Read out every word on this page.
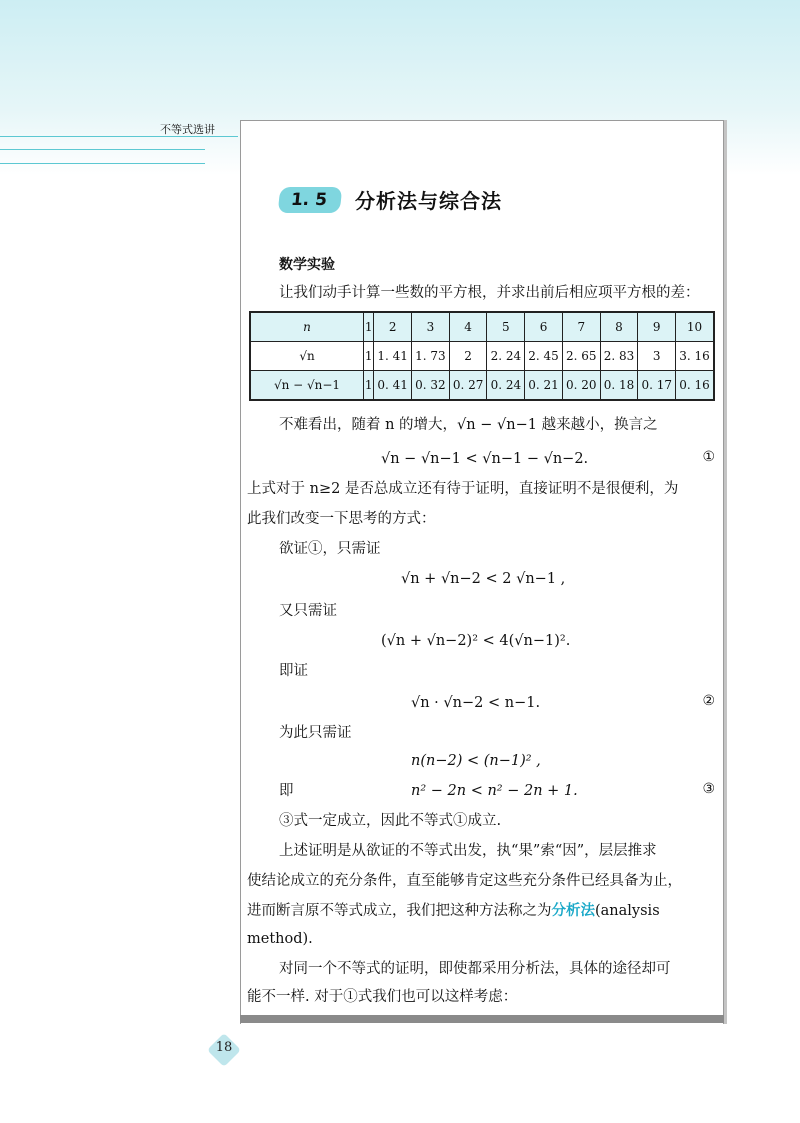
不等式选讲
1. 5	分析法与综合法
数学实验
让我们动手计算一些数的平方根，并求出前后相应项平方根的差：
n	1	2	3	4	5	6	7	8	9	10
√n	1	1. 41	1. 73	2	2. 24	2. 45	2. 65	2. 83	3	3. 16
√n − √n−1	1	0. 41	0. 32	0. 27	0. 24	0. 21	0. 20	0. 18	0. 17	0. 16
不难看出，随着 n 的增大，√n − √n−1 越来越小，换言之
√n − √n−1 < √n−1 − √n−2.	①
上式对于 n≥2 是否总成立还有待于证明，直接证明不是很便利，为
此我们改变一下思考的方式：
欲证①，只需证
√n + √n−2 < 2 √n−1 ,
又只需证
(√n + √n−2)² < 4(√n−1)².
即证
√n · √n−2 < n−1.	②
为此只需证
n(n−2) < (n−1)² ,
即	n² − 2n < n² − 2n + 1.	③
③式一定成立，因此不等式①成立.
上述证明是从欲证的不等式出发，执“果”索“因”，层层推求
使结论成立的充分条件，直至能够肯定这些充分条件已经具备为止，
进而断言原不等式成立，我们把这种方法称之为分析法(analysis
method).
对同一个不等式的证明，即使都采用分析法，具体的途径却可
能不一样. 对于①式我们也可以这样考虑：
18
